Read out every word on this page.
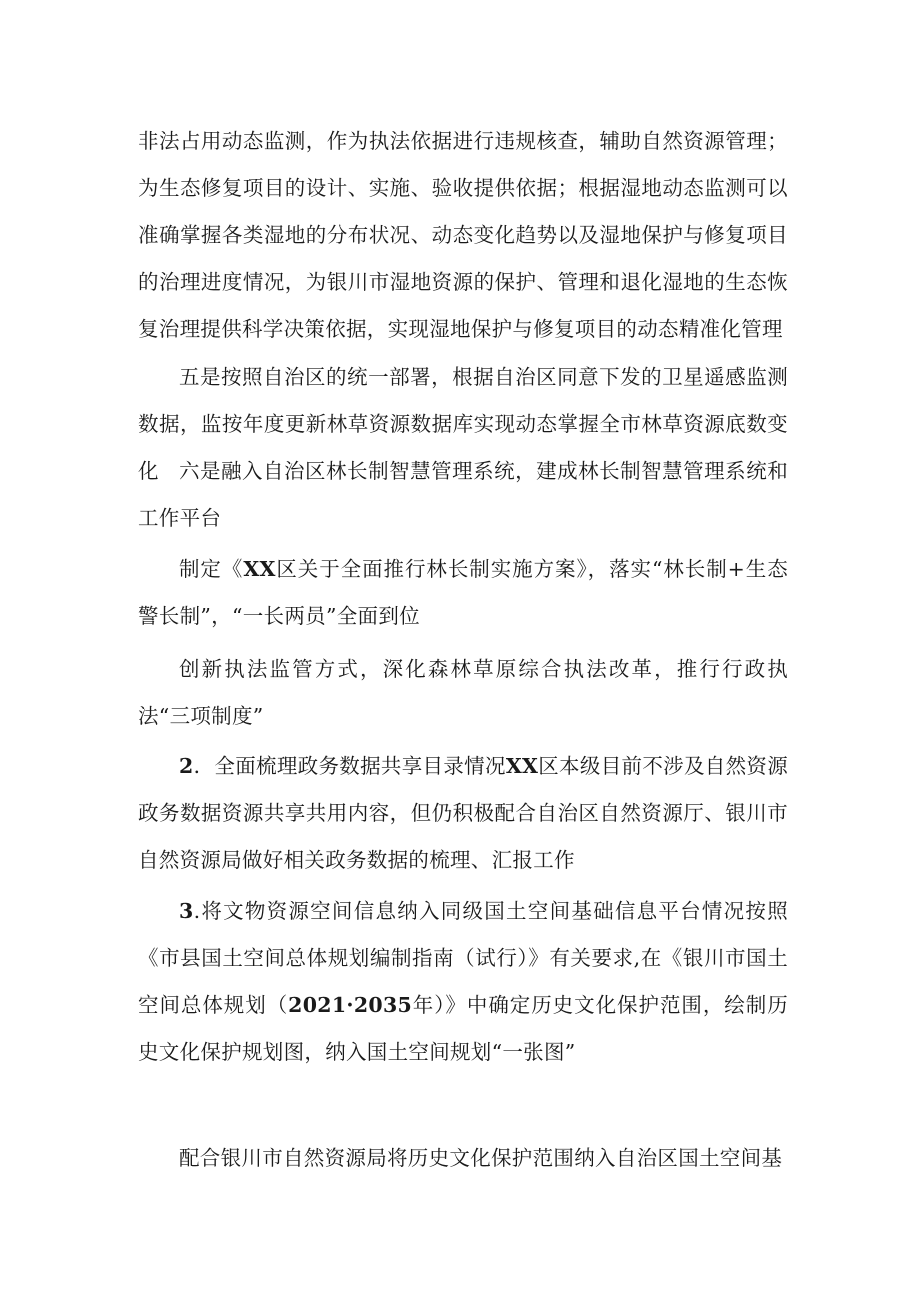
非法占用动态监测，作为执法依据进行违规核查，辅助自然资源管理；为生态修复项目的设计、实施、验收提供依据；根据湿地动态监测可以准确掌握各类湿地的分布状况、动态变化趋势以及湿地保护与修复项目的治理进度情况，为银川市湿地资源的保护、管理和退化湿地的生态恢复治理提供科学决策依据，实现湿地保护与修复项目的动态精准化管理

五是按照自治区的统一部署，根据自治区同意下发的卫星遥感监测数据，监按年度更新林草资源数据库实现动态掌握全市林草资源底数变化 六是融入自治区林长制智慧管理系统，建成林长制智慧管理系统和工作平台

制定《XX区关于全面推行林长制实施方案》，落实“林长制+生态警长制”，“一长两员”全面到位

创新执法监管方式，深化森林草原综合执法改革，推行行政执法“三项制度”

2．全面梳理政务数据共享目录情况XX区本级目前不涉及自然资源政务数据资源共享共用内容，但仍积极配合自治区自然资源厅、银川市自然资源局做好相关政务数据的梳理、汇报工作

3.将文物资源空间信息纳入同级国土空间基础信息平台情况按照《市县国土空间总体规划编制指南（试行）》有关要求,在《银川市国土空间总体规划（2021·2035年）》中确定历史文化保护范围，绘制历史文化保护规划图，纳入国土空间规划“一张图”

配合银川市自然资源局将历史文化保护范围纳入自治区国土空间基
